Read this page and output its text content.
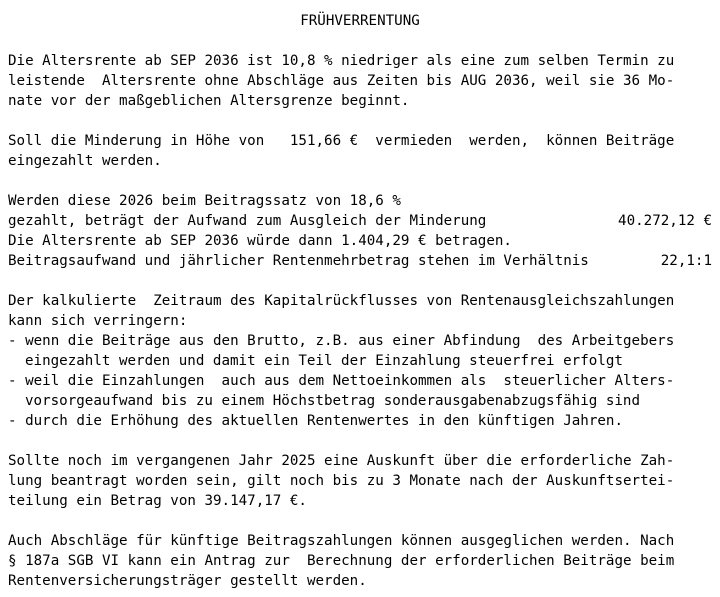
FRÜHVERRENTUNG
Die Altersrente ab SEP 2036 ist 10,8 % niedriger als eine zum selben Termin zu
leistende  Altersrente ohne Abschläge aus Zeiten bis AUG 2036, weil sie 36 Mo-
nate vor der maßgeblichen Altersgrenze beginnt.
Soll die Minderung in Höhe von   151,66 €  vermieden  werden,  können Beiträge
eingezahlt werden.
Werden diese 2026 beim Beitragssatz von 18,6 %
gezahlt, beträgt der Aufwand zum Ausgleich der Minderung	40.272,12 €
Die Altersrente ab SEP 2036 würde dann 1.404,29 € betragen.
Beitragsaufwand und jährlicher Rentenmehrbetrag stehen im Verhältnis	22,1:1
Der kalkulierte  Zeitraum des Kapitalrückflusses von Rentenausgleichszahlungen
kann sich verringern:
- wenn die Beiträge aus den Brutto, z.B. aus einer Abfindung  des Arbeitgebers
eingezahlt werden und damit ein Teil der Einzahlung steuerfrei erfolgt
- weil die Einzahlungen  auch aus dem Nettoeinkommen als  steuerlicher Alters-
vorsorgeaufwand bis zu einem Höchstbetrag sonderausgabenabzugsfähig sind
- durch die Erhöhung des aktuellen Rentenwertes in den künftigen Jahren.
Sollte noch im vergangenen Jahr 2025 eine Auskunft über die erforderliche Zah-
lung beantragt worden sein, gilt noch bis zu 3 Monate nach der Auskunftsertei-
teilung ein Betrag von 39.147,17 €.
Auch Abschläge für künftige Beitragszahlungen können ausgeglichen werden. Nach
§ 187a SGB VI kann ein Antrag zur  Berechnung der erforderlichen Beiträge beim
Rentenversicherungsträger gestellt werden.
